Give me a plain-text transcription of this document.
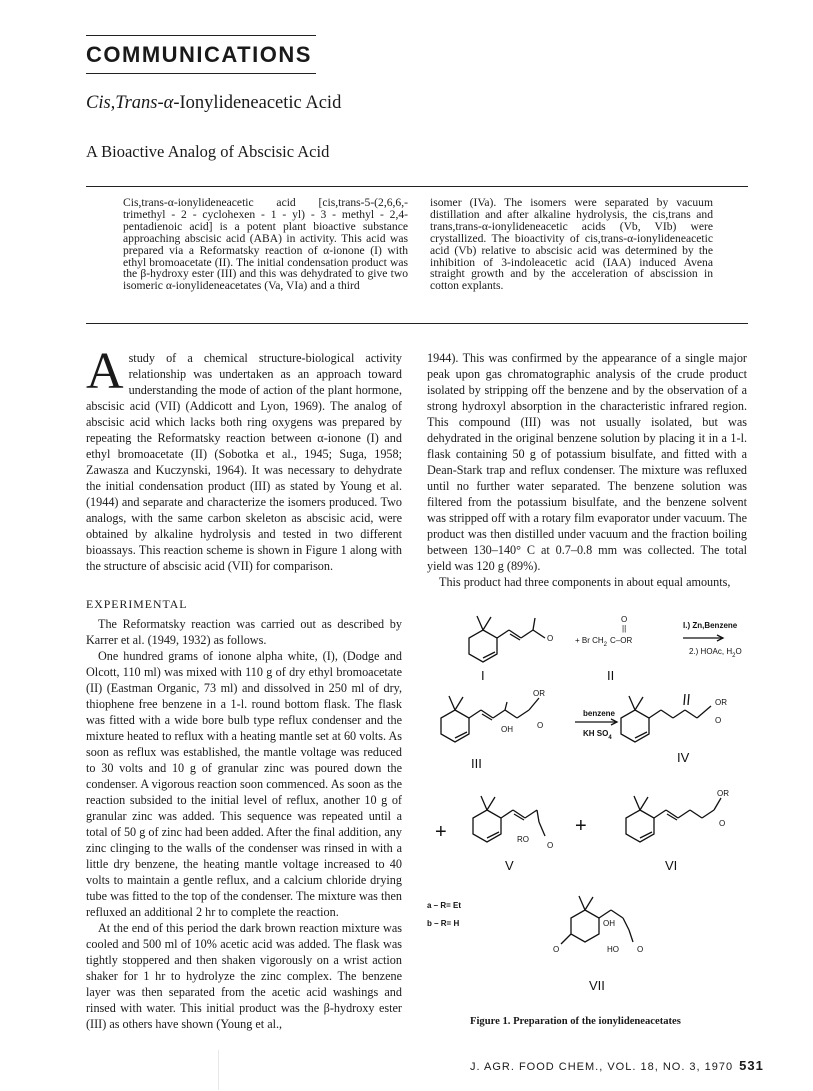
COMMUNICATIONS
Cis,Trans-α-Ionylideneacetic Acid
A Bioactive Analog of Abscisic Acid
Cis,trans-α-ionylideneacetic acid [cis,trans-5-(2,6,6,-trimethyl - 2 - cyclohexen - 1 - yl) - 3 - methyl - 2,4-pentadienoic acid] is a potent plant bioactive substance approaching abscisic acid (ABA) in activity. This acid was prepared via a Reformatsky reaction of α-ionone (I) with ethyl bromoacetate (II). The initial condensation product was the β-hydroxy ester (III) and this was dehydrated to give two isomeric α-ionylideneacetates (Va, VIa) and a third
isomer (IVa). The isomers were separated by vacuum distillation and after alkaline hydrolysis, the cis,trans and trans,trans-α-ionylideneacetic acids (Vb, VIb) were crystallized. The bioactivity of cis,trans-α-ionylideneacetic acid (Vb) relative to abscisic acid was determined by the inhibition of 3-indoleacetic acid (IAA) induced Avena straight growth and by the acceleration of abscission in cotton explants.
Astudy of a chemical structure-biological activity relationship was undertaken as an approach toward understanding the mode of action of the plant hormone, abscisic acid (VII) (Addicott and Lyon, 1969). The analog of abscisic acid which lacks both ring oxygens was prepared by repeating the Reformatsky reaction between α-ionone (I) and ethyl bromoacetate (II) (Sobotka et al., 1945; Suga, 1958; Zawasza and Kuczynski, 1964). It was necessary to dehydrate the initial condensation product (III) as stated by Young et al. (1944) and separate and characterize the isomers produced. Two analogs, with the same carbon skeleton as abscisic acid, were obtained by alkaline hydrolysis and tested in two different bioassays. This reaction scheme is shown in Figure 1 along with the structure of abscisic acid (VII) for comparison.
EXPERIMENTAL

The Reformatsky reaction was carried out as described by Karrer et al. (1949, 1932) as follows.

One hundred grams of ionone alpha white, (I), (Dodge and Olcott, 110 ml) was mixed with 110 g of dry ethyl bromoacetate (II) (Eastman Organic, 73 ml) and dissolved in 250 ml of dry, thiophene free benzene in a 1-l. round bottom flask. The flask was fitted with a wide bore bulb type reflux condenser and the mixture heated to reflux with a heating mantle set at 60 volts. As soon as reflux was established, the mantle voltage was reduced to 30 volts and 10 g of granular zinc was poured down the condenser. A vigorous reaction soon commenced. As soon as the reaction subsided to the initial level of reflux, another 10 g of granular zinc was added. This sequence was repeated until a total of 50 g of zinc had been added. After the final addition, any zinc clinging to the walls of the condenser was rinsed in with a little dry benzene, the heating mantle voltage increased to 40 volts to maintain a gentle reflux, and a calcium chloride drying tube was fitted to the top of the condenser. The mixture was then refluxed an additional 2 hr to complete the reaction.

At the end of this period the dark brown reaction mixture was cooled and 500 ml of 10% acetic acid was added. The flask was tightly stoppered and then shaken vigorously on a wrist action shaker for 1 hr to hydrolyze the zinc complex. The benzene layer was then separated from the acetic acid washings and rinsed with water. This initial product was the β-hydroxy ester (III) as others have shown (Young et al.,

1944). This was confirmed by the appearance of a single major peak upon gas chromatographic analysis of the crude product isolated by stripping off the benzene and by the observation of a strong hydroxyl absorption in the characteristic infrared region. This compound (III) was not usually isolated, but was dehydrated in the original benzene solution by placing it in a 1-l. flask containing 50 g of potassium bisulfate, and fitted with a Dean-Stark trap and reflux condenser. The mixture was refluxed until no further water separated. The benzene solution was filtered from the potassium bisulfate, and the benzene solvent was stripped off with a rotary film evaporator under vacuum. The product was then distilled under vacuum and the fraction boiling between 130–140° C at 0.7–0.8 mm was collected. The total yield was 120 g (89%).

This product had three components in about equal amounts,

O
O
||
+ Br $CH_2$ C–OR
I.) Zn,Benzene
2.) HOAc, $H_2O$
OR
O
OH
benzene
KH $SO_4$
OR
O
RO
O
OR
O
OH
O	HO O
a – R= Et
b – R= H
I	II
III	IV
V	VI
VII
+	+
Figure 1. Preparation of the ionylideneacetates
J. AGR. FOOD CHEM., VOL. 18, NO. 3, 1970 531
